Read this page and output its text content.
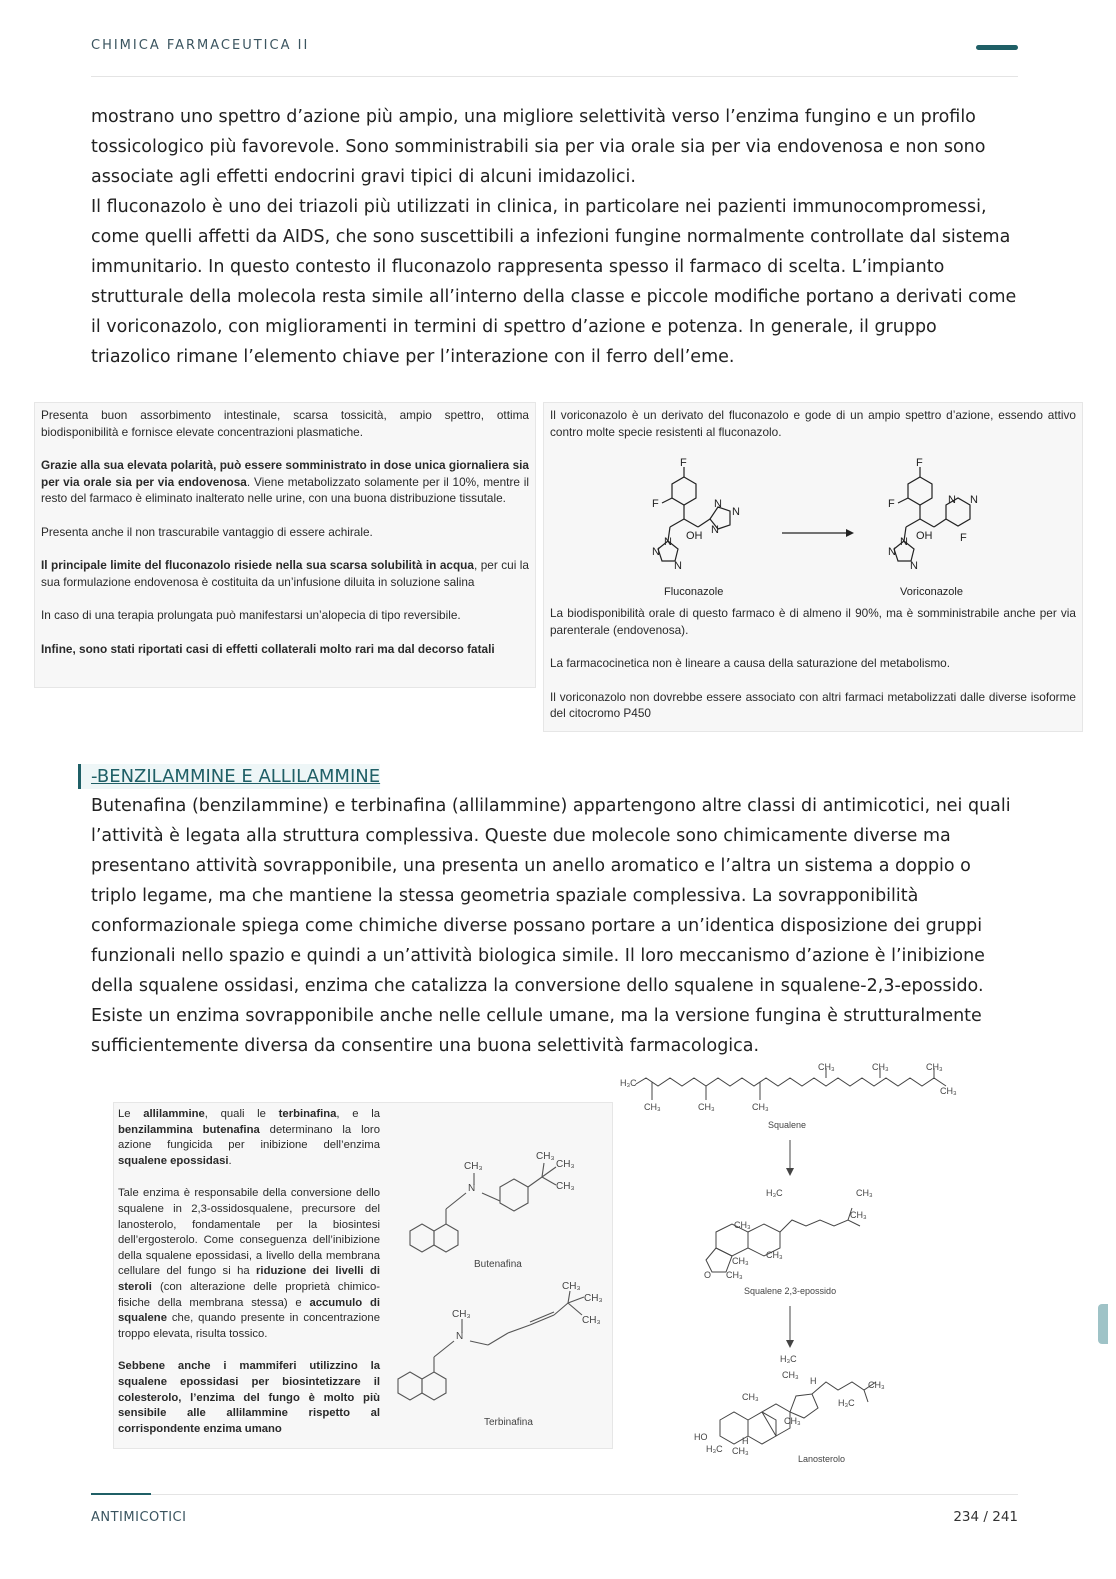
CHIMICA FARMACEUTICA II

mostrano uno spettro d’azione più ampio, una migliore selettività verso l’enzima fungino e un profilo tossicologico più favorevole. Sono somministrabili sia per via orale sia per via endovenosa e non sono associate agli effetti endocrini gravi tipici di alcuni imidazolici.

Il fluconazolo è uno dei triazoli più utilizzati in clinica, in particolare nei pazienti immunocompromessi, come quelli affetti da AIDS, che sono suscettibili a infezioni fungine normalmente controllate dal sistema immunitario. In questo contesto il fluconazolo rappresenta spesso il farmaco di scelta. L’impianto strutturale della molecola resta simile all’interno della classe e piccole modifiche portano a derivati come il voriconazolo, con miglioramenti in termini di spettro d’azione e potenza. In generale, il gruppo triazolico rimane l’elemento chiave per l’interazione con il ferro dell’eme.

Presenta buon assorbimento intestinale, scarsa tossicità, ampio spettro, ottima biodisponibilità e fornisce elevate concentrazioni plasmatiche.

Grazie alla sua elevata polarità, può essere somministrato in dose unica giornaliera sia per via orale sia per via endovenosa. Viene metabolizzato solamente per il 10%, mentre il resto del farmaco è eliminato inalterato nelle urine, con una buona distribuzione tissutale.

Presenta anche il non trascurabile vantaggio di essere achirale.

Il principale limite del fluconazolo risiede nella sua scarsa solubilità in acqua, per cui la sua formulazione endovenosa è costituita da un’infusione diluita in soluzione salina

In caso di una terapia prolungata può manifestarsi un’alopecia di tipo reversibile.

Infine, sono stati riportati casi di effetti collaterali molto rari ma dal decorso fatali

Il voriconazolo è un derivato del fluconazolo e gode di un ampio spettro d’azione, essendo attivo contro molte specie resistenti al fluconazolo.

F
F
OH
N
N
N
N
N
N
F
F
OH
N N
F
N
N
N
Fluconazole	Voriconazole

La biodisponibilità orale di questo farmaco è di almeno il 90%, ma è somministrabile anche per via parenterale (endovenosa).

La farmacocinetica non è lineare a causa della saturazione del metabolismo.

Il voriconazolo non dovrebbe essere associato con altri farmaci metabolizzati dalle diverse isoforme del citocromo P450

-BENZILAMMINE E ALLILAMMINE

Butenafina (benzilammine) e terbinafina (allilammine) appartengono altre classi di antimicotici, nei quali l’attività è legata alla struttura complessiva. Queste due molecole sono chimicamente diverse ma presentano attività sovrapponibile, una presenta un anello aromatico e l’altra un sistema a doppio o triplo legame, ma che mantiene la stessa geometria spaziale complessiva. La sovrapponibilità conformazionale spiega come chimiche diverse possano portare a un’identica disposizione dei gruppi funzionali nello spazio e quindi a un’attività biologica simile. Il loro meccanismo d’azione è l’inibizione della squalene ossidasi, enzima che catalizza la conversione dello squalene in squalene-2,3-epossido. Esiste un enzima sovrapponibile anche nelle cellule umane, ma la versione fungina è strutturalmente sufficientemente diversa da consentire una buona selettività farmacologica.

Le allilammine, quali le terbinafina, e la benzilammina butenafina determinano la loro azione fungicida per inibizione dell’enzima squalene epossidasi.

Tale enzima è responsabile della conversione dello squalene in 2,3-ossidosqualene, precursore del lanosterolo, fondamentale per la biosintesi dell’ergosterolo. Come conseguenza dell’inibizione della squalene epossidasi, a livello della membrana cellulare del fungo si ha riduzione dei livelli di steroli (con alterazione delle proprietà chimico-fisiche della membrana stessa) e accumulo di squalene che, quando presente in concentrazione troppo elevata, risulta tossico.

Sebbene anche i mammiferi utilizzino la squalene epossidasi per biosintetizzare il colesterolo, l’enzima del fungo è molto più sensibile alle allilammine rispetto al corrispondente enzima umano

N
CH₃
CH₃
CH₃
CH₃
N
CH₃
CH₃
CH₃
CH₃
Butenafina
Terbinafina
H₃C
CH₃	CH₃	CH₃
CH₃	CH₃	CH₃
CH₃
Squalene
H₃C	CH₃
CH₃
CH₃
CH₃
CH₃
O CH₃
Squalene 2,3-epossido
H₃C
CH₃
H	CH₃
H₃C
CH₃
CH₃
HO
H₃C CH₃
H
Lanosterolo
ANTIMICOTICI	234 / 241
